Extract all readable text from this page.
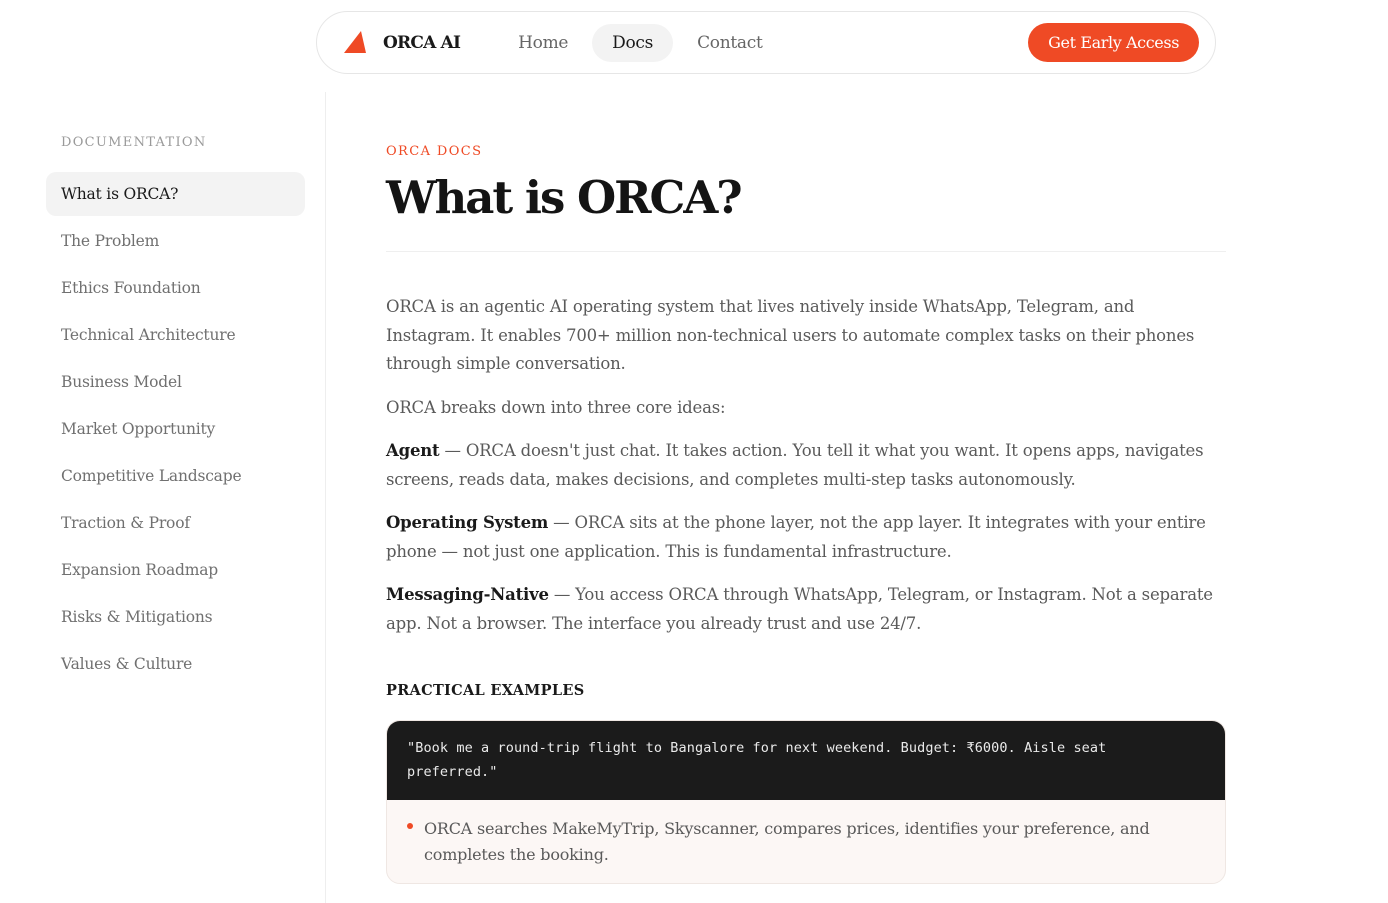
ORCA AI	Home	Docs	Contact	Get Early Access
DOCUMENTATION
What is ORCA?
The Problem
Ethics Foundation
Technical Architecture
Business Model
Market Opportunity
Competitive Landscape
Traction & Proof
Expansion Roadmap
Risks & Mitigations
Values & Culture
ORCA DOCS
What is ORCA?

ORCA is an agentic AI operating system that lives natively inside WhatsApp, Telegram, and Instagram. It enables 700+ million non-technical users to automate complex tasks on their phones through simple conversation.

ORCA breaks down into three core ideas:

Agent — ORCA doesn't just chat. It takes action. You tell it what you want. It opens apps, navigates screens, reads data, makes decisions, and completes multi-step tasks autonomously.

Operating System — ORCA sits at the phone layer, not the app layer. It integrates with your entire phone — not just one application. This is fundamental infrastructure.

Messaging-Native — You access ORCA through WhatsApp, Telegram, or Instagram. Not a separate app. Not a browser. The interface you already trust and use 24/7.

PRACTICAL EXAMPLES
"Book me a round-trip flight to Bangalore for next weekend. Budget: ₹6000. Aisle seat preferred."
ORCA searches MakeMyTrip, Skyscanner, compares prices, identifies your preference, and completes the booking.
